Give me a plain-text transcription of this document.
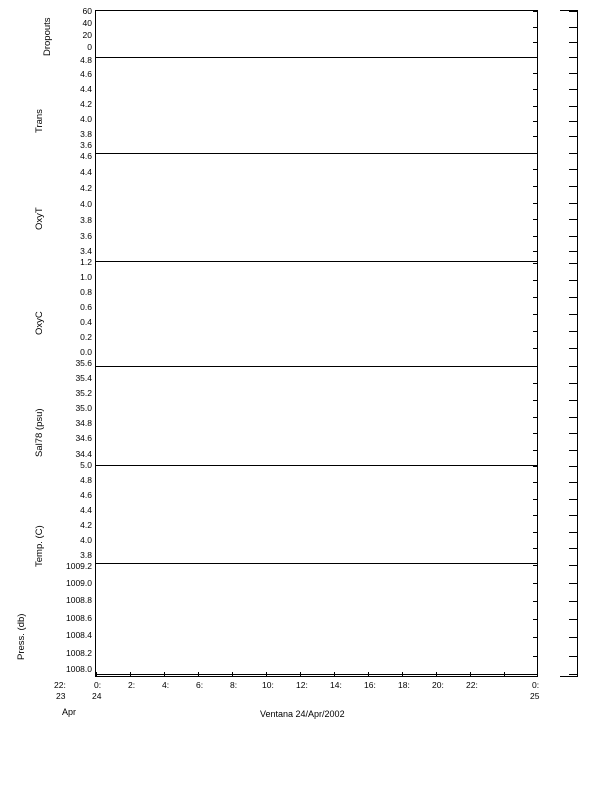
60
40
20
0
4.8
4.6
4.4
4.2
4.0
3.8
3.6
4.6
4.4
4.2
4.0
3.8
3.6
3.4
1.2
1.0
0.8
0.6
0.4
0.2
0.0
35.6
35.4
35.2
35.0
34.8
34.6
34.4
5.0
4.8
4.6
4.4
4.2
4.0
3.8
1009.2
1009.0
1008.8
1008.6
1008.4
1008.2
1008.0
Dropouts
Trans
OxyT
OxyC
Sal78 (psu)
Temp. (C)
Press. (db)
22:	0:	2:	4:	6:	8:	10:	12:	14:	16:	18:	20:	22:	0:
23	24	25
Apr	Ventana 24/Apr/2002
